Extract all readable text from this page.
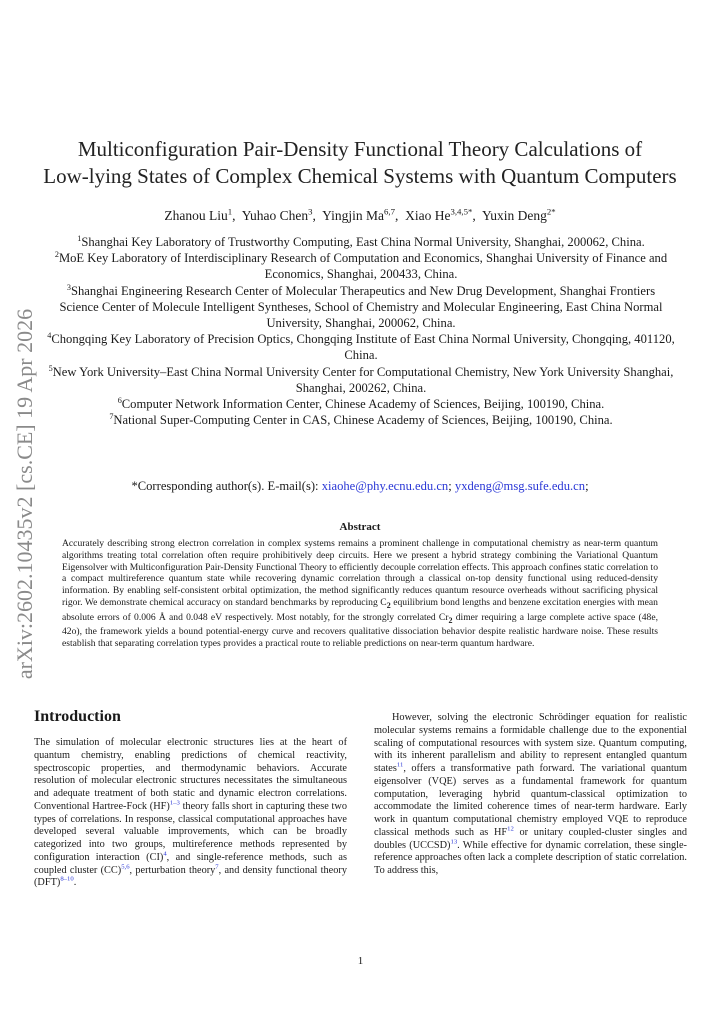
arXiv:2602.10435v2 [cs.CE] 19 Apr 2026
Multiconfiguration Pair-Density Functional Theory Calculations of
Low-lying States of Complex Chemical Systems with Quantum Computers
Zhanou Liu$^1$,  Yuhao Chen$^3$,  Yingjin Ma$^{6,7}$,  Xiao $He^{3,4,5*}$,  Yuxin Deng$^{2*}$
$^1$Shanghai Key Laboratory of Trustworthy Computing, East China Normal University, Shanghai, 200062, China.
$^2$MoE Key Laboratory of Interdisciplinary Research of Computation and Economics, Shanghai University of Finance and Economics, Shanghai, 200433, China.
$^3$Shanghai Engineering Research Center of Molecular Therapeutics and New Drug Development, Shanghai Frontiers Science Center of Molecule Intelligent Syntheses, School of Chemistry and Molecular Engineering, East China Normal University, Shanghai, 200062, China.
$^4$Chongqing Key Laboratory of Precision Optics, Chongqing Institute of East China Normal University, Chongqing, 401120, China.
$^5$New York University–East China Normal University Center for Computational Chemistry, New York University Shanghai, Shanghai, 200262, China.
$^6$Computer Network Information Center, Chinese Academy of Sciences, Beijing, 100190, China.
$^7$National Super-Computing Center in CAS, Chinese Academy of Sciences, Beijing, 100190, China.
*Corresponding author(s). E-mail(s): xiaohe@phy.ecnu.edu.cn; yxdeng@msg.sufe.edu.cn;
Abstract
Accurately describing strong electron correlation in complex systems remains a prominent challenge in computational chemistry as near-term quantum algorithms treating total correlation often require prohibitively deep circuits. Here we present a hybrid strategy combining the Variational Quantum Eigensolver with Multiconfiguration Pair-Density Functional Theory to efficiently decouple correlation effects. This approach confines static correlation to a compact multireference quantum state while recovering dynamic correlation through a classical on-top density functional using reduced-density information. By enabling self-consistent orbital optimization, the method significantly reduces quantum resource overheads without sacrificing physical rigor. We demonstrate chemical accuracy on standard benchmarks by reproducing $C_2$ equilibrium bond lengths and benzene excitation energies with mean absolute errors of 0.006 Å and 0.048 eV respectively. Most notably, for the strongly correlated $Cr_2$ dimer requiring a large complete active space (48e, 42o), the framework yields a bound potential-energy curve and recovers qualitative dissociation behavior despite realistic hardware noise. These results establish that separating correlation types provides a practical route to reliable predictions on near-term quantum hardware.
Introduction
The simulation of molecular electronic structures lies at the heart of quantum chemistry, enabling predictions of chemical reactivity, spectroscopic properties, and thermodynamic behaviors. Accurate resolution of molecular electronic structures necessitates the simultaneous and adequate treatment of both static and dynamic electron correlations. Conventional Hartree-Fock (HF)$^{1-3}$ theory falls short in capturing these two types of correlations. In response, classical computational approaches have developed several valuable improvements, which can be broadly categorized into two groups, multireference methods represented by configuration interaction (CI)$^4$, and single-reference methods, such as coupled cluster (CC)$^{5,6}$, perturbation theory$^7$, and density functional theory (DFT)$^{8-10}$.
However, solving the electronic Schrödinger equation for realistic molecular systems remains a formidable challenge due to the exponential scaling of computational resources with system size. Quantum computing, with its inherent parallelism and ability to represent entangled quantum states$^{11}$, offers a transformative path forward. The variational quantum eigensolver (VQE) serves as a fundamental framework for quantum computation, leveraging hybrid quantum-classical optimization to accommodate the limited coherence times of near-term hardware. Early work in quantum computational chemistry employed VQE to reproduce classical methods such as HF$^{12}$ or unitary coupled-cluster singles and doubles (UCCSD)$^{13}$. While effective for dynamic correlation, these single-reference approaches often lack a complete description of static correlation. To address this,
1
